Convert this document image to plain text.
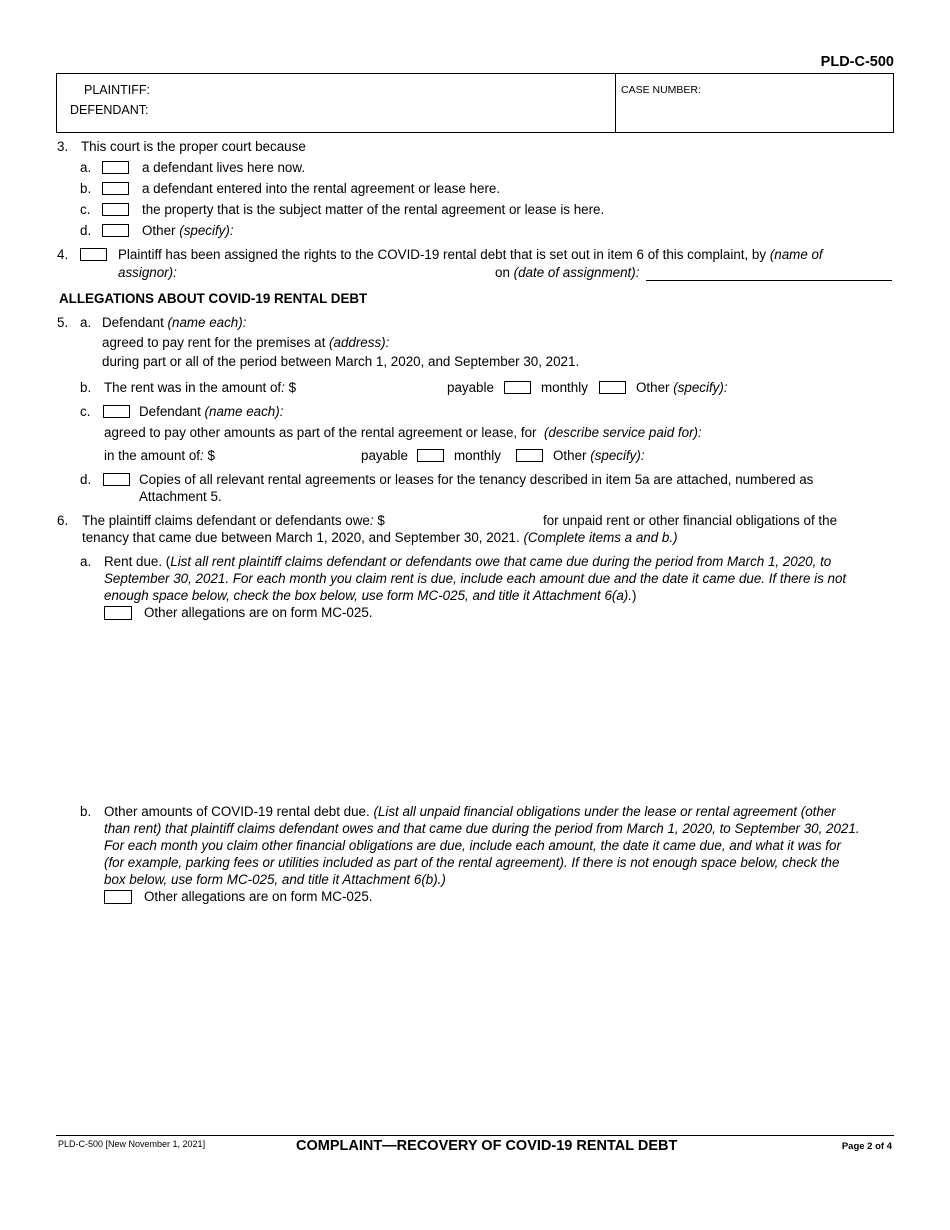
PLD-C-500
PLAINTIFF:
DEFENDANT:
CASE NUMBER:
3. This court is the proper court because
a.	a defendant lives here now.
b.	a defendant entered into the rental agreement or lease here.
c.	the property that is the subject matter of the rental agreement or lease is here.
d.	Other (specify):
4.	Plaintiff has been assigned the rights to the COVID-19 rental debt that is set out in item 6 of this complaint, by (name of
assignor):	on (date of assignment):
ALLEGATIONS ABOUT COVID-19 RENTAL DEBT
5. a. Defendant (name each):
agreed to pay rent for the premises at (address):
during part or all of the period between March 1, 2020, and September 30, 2021.
b. The rent was in the amount of: $	payable	monthly	Other (specify):
c.	Defendant (name each):
agreed to pay other amounts as part of the rental agreement or lease, for (describe service paid for):
in the amount of: $	payable	monthly	Other (specify):
d.	Copies of all relevant rental agreements or leases for the tenancy described in item 5a are attached, numbered as
Attachment 5.
6. The plaintiff claims defendant or defendants owe: $	for unpaid rent or other financial obligations of the
tenancy that came due between March 1, 2020, and September 30, 2021. (Complete items a and b.)
a. Rent due. (List all rent plaintiff claims defendant or defendants owe that came due during the period from March 1, 2020, to
September 30, 2021. For each month you claim rent is due, include each amount due and the date it came due. If there is not
enough space below, check the box below, use form MC-025, and title it Attachment 6(a).)
Other allegations are on form MC-025.
b. Other amounts of COVID-19 rental debt due. (List all unpaid financial obligations under the lease or rental agreement (other
than rent) that plaintiff claims defendant owes and that came due during the period from March 1, 2020, to September 30, 2021.
For each month you claim other financial obligations are due, include each amount, the date it came due, and what it was for
(for example, parking fees or utilities included as part of the rental agreement). If there is not enough space below, check the
box below, use form MC-025, and title it Attachment 6(b).)
Other allegations are on form MC-025.
PLD-C-500 [New November 1, 2021]	COMPLAINT—RECOVERY OF COVID-19 RENTAL DEBT	Page 2 of 4
